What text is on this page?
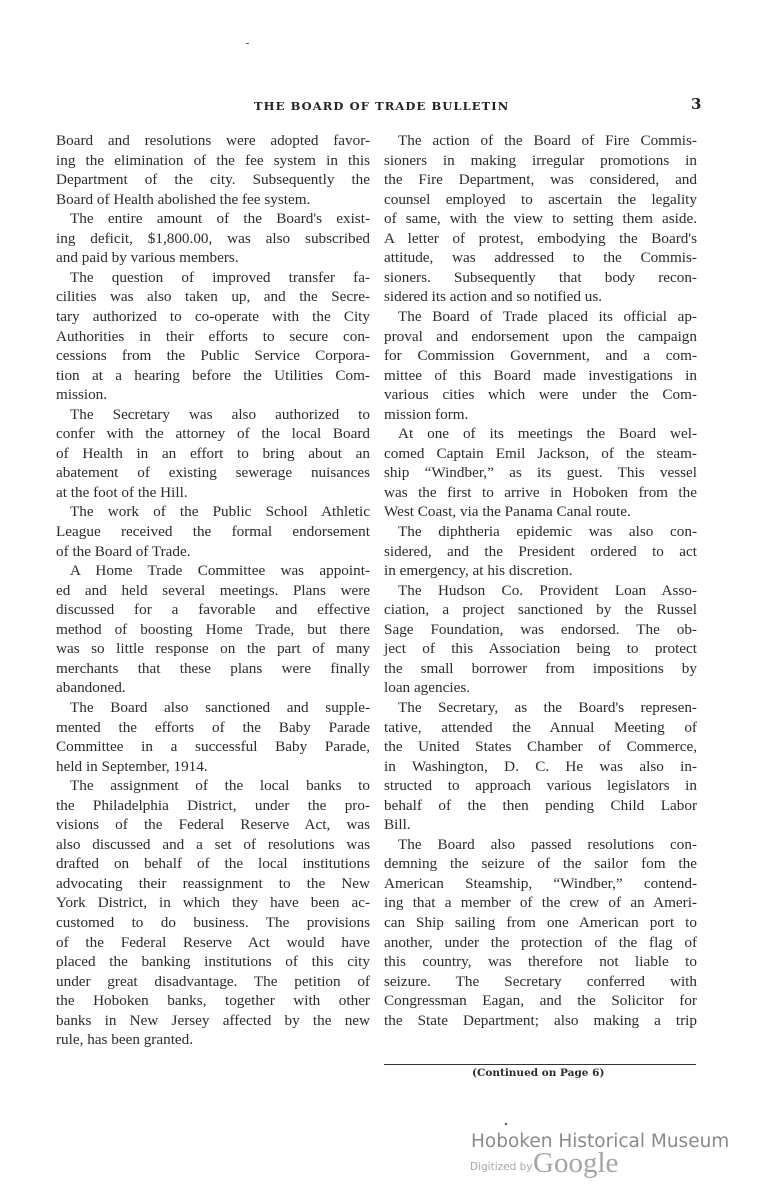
THE BOARD OF TRADE BULLETIN	3
Board and resolutions were adopted favor-
ing the elimination of the fee system in this
Department of the city. Subsequently the
Board of Health abolished the fee system.
The entire amount of the Board's exist-
ing deficit, $1,800.00, was also subscribed
and paid by various members.
The question of improved transfer fa-
cilities was also taken up, and the Secre-
tary authorized to co-operate with the City
Authorities in their efforts to secure con-
cessions from the Public Service Corpora-
tion at a hearing before the Utilities Com-
mission.
The Secretary was also authorized to
confer with the attorney of the local Board
of Health in an effort to bring about an
abatement of existing sewerage nuisances
at the foot of the Hill.
The work of the Public School Athletic
League received the formal endorsement
of the Board of Trade.
A Home Trade Committee was appoint-
ed and held several meetings. Plans were
discussed for a favorable and effective
method of boosting Home Trade, but there
was so little response on the part of many
merchants that these plans were finally
abandoned.
The Board also sanctioned and supple-
mented the efforts of the Baby Parade
Committee in a successful Baby Parade,
held in September, 1914.
The assignment of the local banks to
the Philadelphia District, under the pro-
visions of the Federal Reserve Act, was
also discussed and a set of resolutions was
drafted on behalf of the local institutions
advocating their reassignment to the New
York District, in which they have been ac-
customed to do business. The provisions
of the Federal Reserve Act would have
placed the banking institutions of this city
under great disadvantage. The petition of
the Hoboken banks, together with other
banks in New Jersey affected by the new
rule, has been granted.
The action of the Board of Fire Commis-
sioners in making irregular promotions in
the Fire Department, was considered, and
counsel employed to ascertain the legality
of same, with the view to setting them aside.
A letter of protest, embodying the Board's
attitude, was addressed to the Commis-
sioners. Subsequently that body recon-
sidered its action and so notified us.
The Board of Trade placed its official ap-
proval and endorsement upon the campaign
for Commission Government, and a com-
mittee of this Board made investigations in
various cities which were under the Com-
mission form.
At one of its meetings the Board wel-
comed Captain Emil Jackson, of the steam-
ship “Windber,” as its guest. This vessel
was the first to arrive in Hoboken from the
West Coast, via the Panama Canal route.
The diphtheria epidemic was also con-
sidered, and the President ordered to act
in emergency, at his discretion.
The Hudson Co. Provident Loan Asso-
ciation, a project sanctioned by the Russel
Sage Foundation, was endorsed. The ob-
ject of this Association being to protect
the small borrower from impositions by
loan agencies.
The Secretary, as the Board's represen-
tative, attended the Annual Meeting of
the United States Chamber of Commerce,
in Washington, D. C. He was also in-
structed to approach various legislators in
behalf of the then pending Child Labor
Bill.
The Board also passed resolutions con-
demning the seizure of the sailor fom the
American Steamship, “Windber,” contend-
ing that a member of the crew of an Ameri-
can Ship sailing from one American port to
another, under the protection of the flag of
this country, was therefore not liable to
seizure. The Secretary conferred with
Congressman Eagan, and the Solicitor for
the State Department; also making a trip
(Continued on Page 6)
Hoboken Historical Museum
Digitized by Google
